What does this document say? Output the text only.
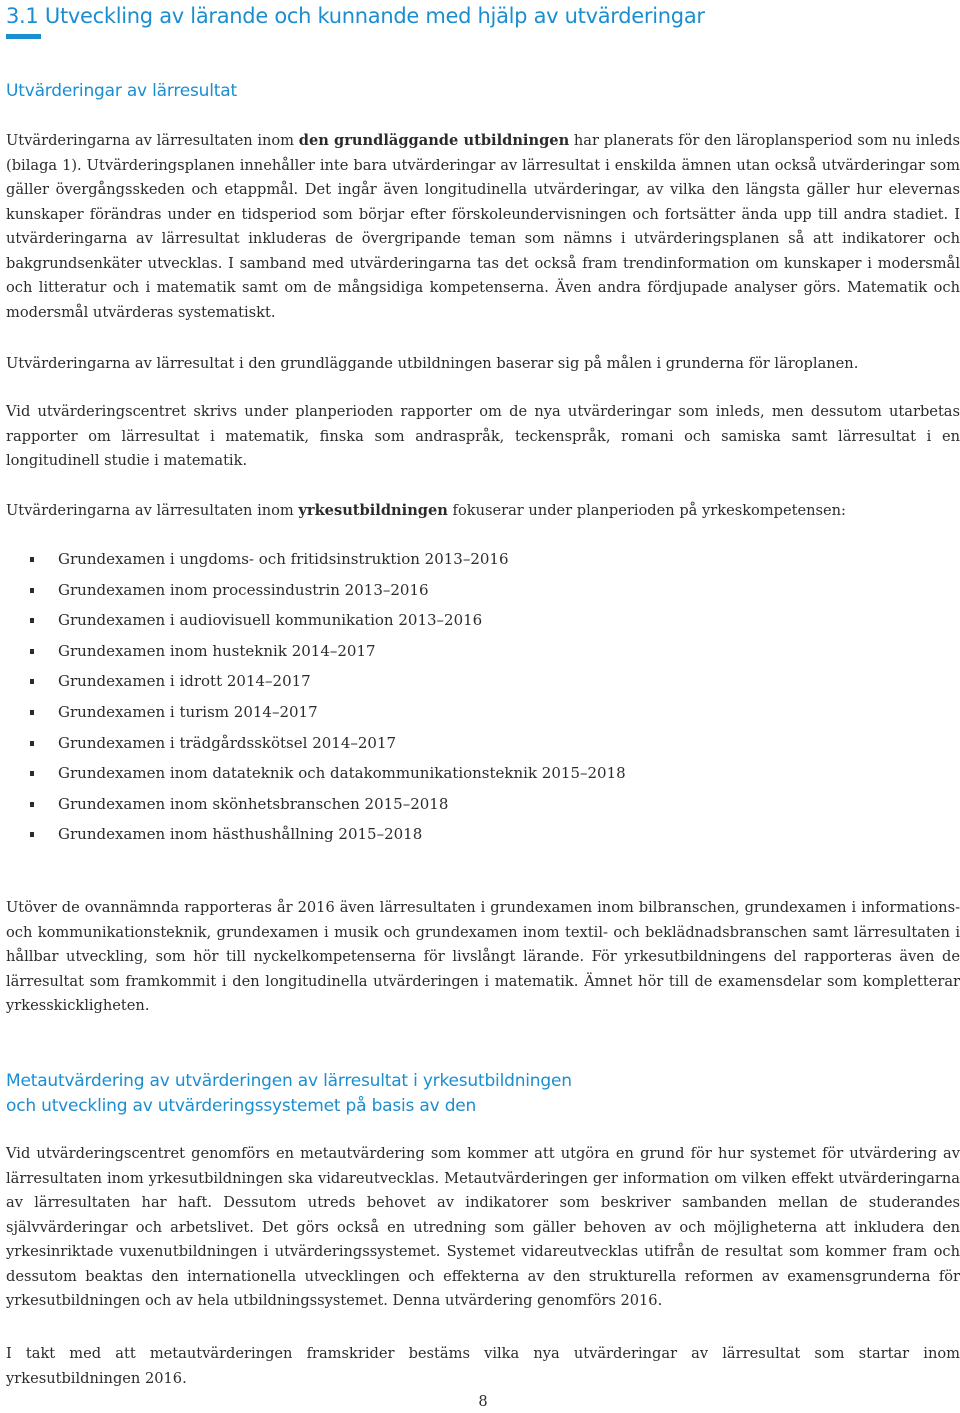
3.1 Utveckling av lärande och kunnande med hjälp av utvärderingar
Utvärderingar av lärresultat

Utvärderingarna av lärresultaten inom den grundläggande utbildningen har planerats för den läroplansperiod som nu inleds (bilaga 1). Utvärderingsplanen innehåller inte bara utvärderingar av lärresultat i enskilda ämnen utan också utvärderingar som gäller övergångsskeden och etappmål. Det ingår även longitudinella utvärderingar, av vilka den längsta gäller hur elevernas kunskaper förändras under en tidsperiod som börjar efter förskoleundervisningen och fortsätter ända upp till andra stadiet. I utvärderingarna av lärresultat inkluderas de övergripande teman som nämns i utvärderingsplanen så att indikatorer och bakgrundsenkäter utvecklas. I samband med utvärderingarna tas det också fram trendinformation om kunskaper i modersmål och litteratur och i matematik samt om de mångsidiga kompetenserna. Även andra fördjupade analyser görs. Matematik och modersmål utvärderas systematiskt.

Utvärderingarna av lärresultat i den grundläggande utbildningen baserar sig på målen i grunderna för läroplanen.

Vid utvärderingscentret skrivs under planperioden rapporter om de nya utvärderingar som inleds, men dessutom utarbetas rapporter om lärresultat i matematik, finska som andraspråk, teckenspråk, romani och samiska samt lärresultat i en longitudinell studie i matematik.

Utvärderingarna av lärresultaten inom yrkesutbildningen fokuserar under planperioden på yrkeskompetensen:

Grundexamen i ungdoms- och fritidsinstruktion 2013–2016
Grundexamen inom processindustrin 2013–2016
Grundexamen i audiovisuell kommunikation 2013–2016
Grundexamen inom husteknik 2014–2017
Grundexamen i idrott 2014–2017
Grundexamen i turism 2014–2017
Grundexamen i trädgårdsskötsel 2014–2017
Grundexamen inom datateknik och datakommunikationsteknik 2015–2018
Grundexamen inom skönhetsbranschen 2015–2018
Grundexamen inom hästhushållning 2015–2018

Utöver de ovannämnda rapporteras år 2016 även lärresultaten i grundexamen inom bilbranschen, grundexamen i informations- och kommunikationsteknik, grundexamen i musik och grundexamen inom textil- och beklädnadsbranschen samt lärresultaten i hållbar utveckling, som hör till nyckelkompetenserna för livslångt lärande. För yrkesutbildningens del rapporteras även de lärresultat som framkommit i den longitudinella utvärderingen i matematik. Ämnet hör till de examensdelar som kompletterar yrkesskickligheten.

Metautvärdering av utvärderingen av lärresultat i yrkesutbildningen
och utveckling av utvärderingssystemet på basis av den

Vid utvärderingscentret genomförs en metautvärdering som kommer att utgöra en grund för hur systemet för utvärdering av lärresultaten inom yrkesutbildningen ska vidareutvecklas. Metautvärderingen ger information om vilken effekt utvärderingarna av lärresultaten har haft. Dessutom utreds behovet av indikatorer som beskriver sambanden mellan de studerandes självvärderingar och arbetslivet. Det görs också en utredning som gäller behoven av och möjligheterna att inkludera den yrkesinriktade vuxenutbildningen i utvärderingssystemet. Systemet vidareutvecklas utifrån de resultat som kommer fram och dessutom beaktas den internationella utvecklingen och effekterna av den strukturella reformen av examensgrunderna för yrkesutbildningen och av hela utbildningssystemet. Denna utvärdering genomförs 2016.

I takt med att metautvärderingen framskrider bestäms vilka nya utvärderingar av lärresultat som startar inom yrkesutbildningen 2016.

8
